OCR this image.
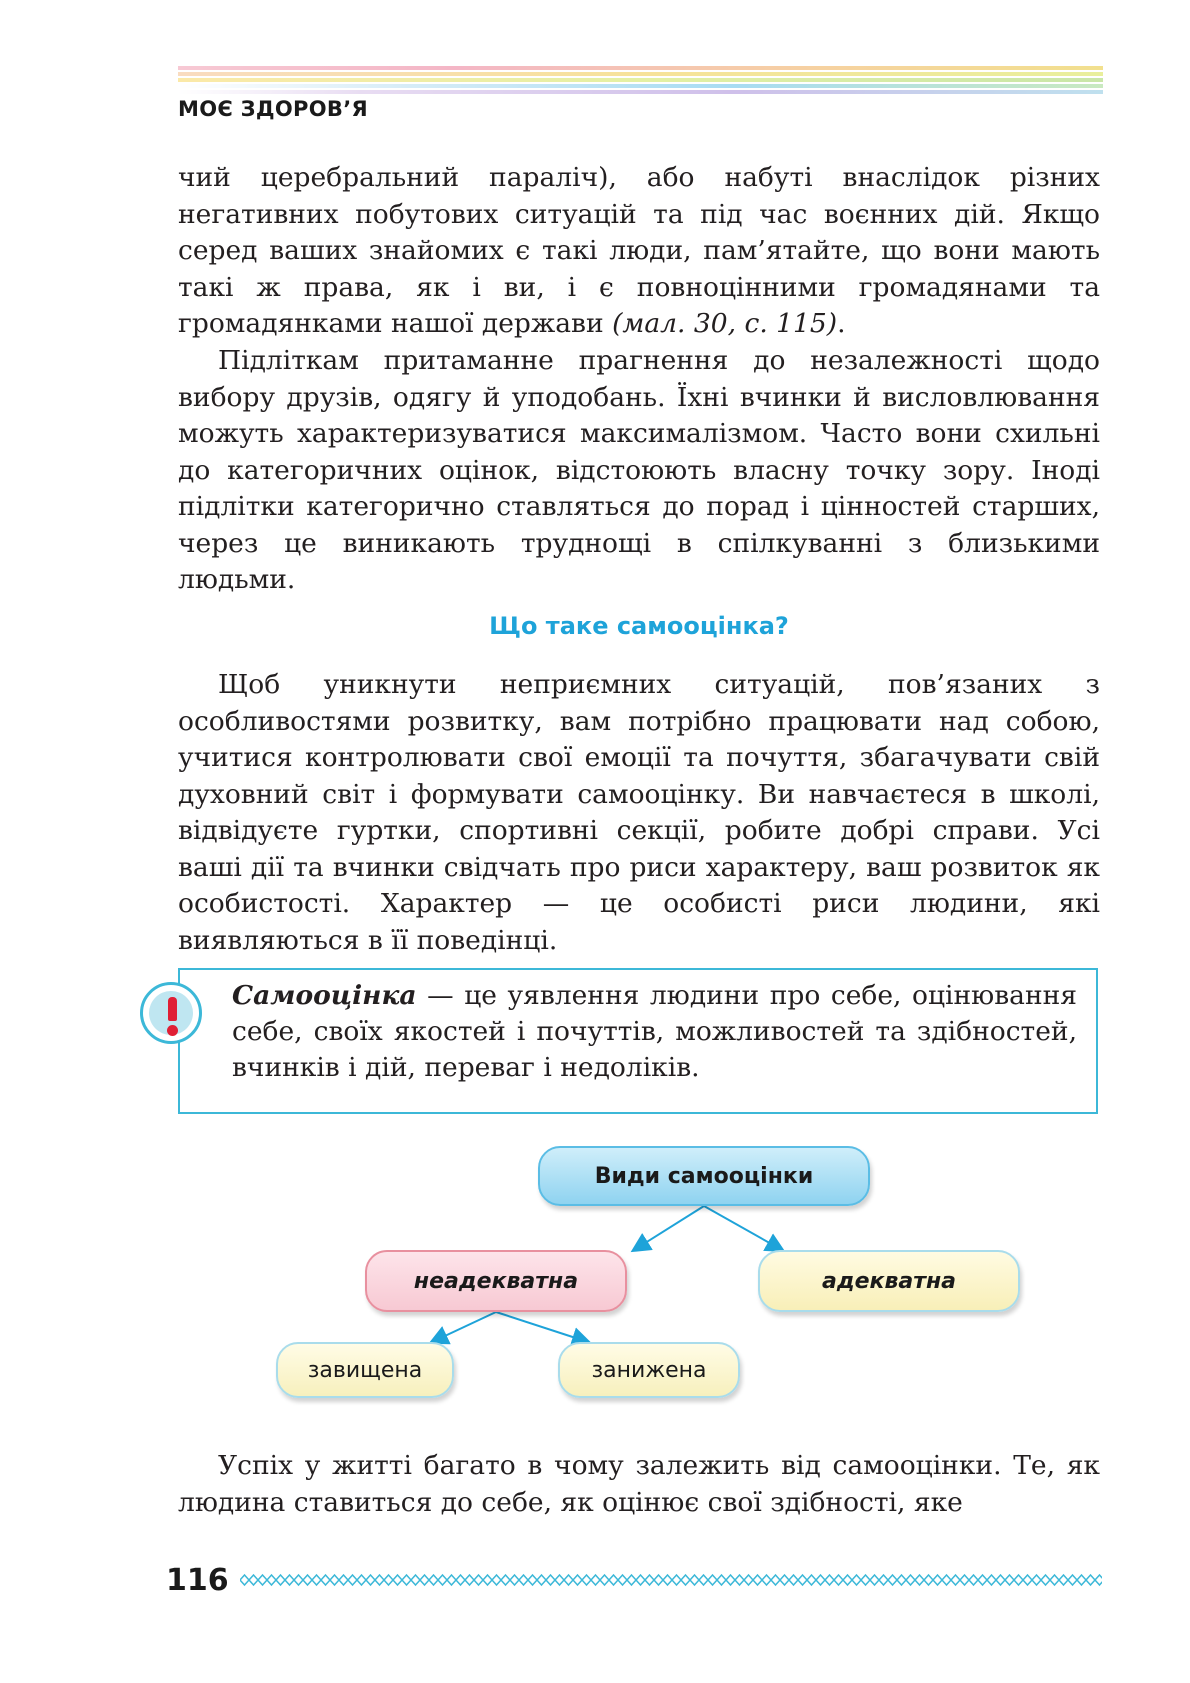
МОЄ ЗДОРОВ’Я

чий церебральний параліч), або набуті внаслідок різних негативних побутових ситуацій та під час воєнних дій. Якщо серед ваших знайомих є такі люди, пам’ятайте, що вони мають такі ж права, як і ви, і є повноцінними громадянами та громадянками нашої держави (мал. 30, с. 115).

Підліткам притаманне прагнення до незалежності щодо вибору друзів, одягу й уподобань. Їхні вчинки й висловлювання можуть характеризуватися максималізмом. Часто вони схильні до категоричних оцінок, відстоюють власну точку зору. Іноді підлітки категорично ставляться до порад і цінностей старших, через це виникають труднощі в спілкуванні з близькими людьми.

Що таке самооцінка?

Щоб уникнути неприємних ситуацій, пов’язаних з особливостями розвитку, вам потрібно працювати над собою, учитися контролювати свої емоції та почуття, збагачувати свій духовний світ і формувати самооцінку. Ви навчаєтеся в школі, відвідуєте гуртки, спортивні секції, робите добрі справи. Усі ваші дії та вчинки свідчать про риси характеру, ваш розвиток як особистості. Характер — це особисті риси людини, які виявляються в її поведінці.

Самооцінка — це уявлення людини про себе, оцінювання себе, своїх якостей і почуттів, можливостей та здібностей, вчинків і дій, переваг і недоліків.

Види самооцінки
неадекватна	адекватна
завищена	занижена

Успіх у житті багато в чому залежить від самооцінки. Те, як людина ставиться до себе, як оцінює свої здібності, яке

116
